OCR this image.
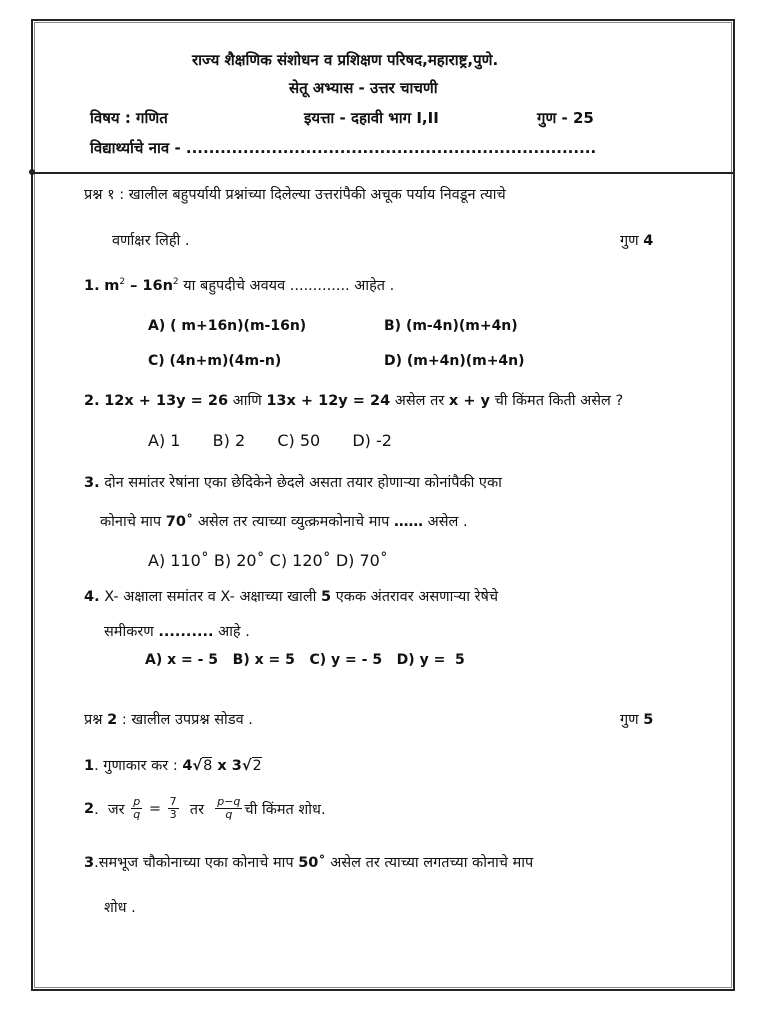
राज्य शैक्षणिक संशोधन व प्रशिक्षण परिषद,महाराष्ट्र,पुणे.
सेतू अभ्यास - उत्तर चाचणी
विषय : गणित	इयत्ता - दहावी भाग I,II	गुण - 25
विद्यार्थ्याचे नाव - ........................................................................
प्रश्न १ : खालील बहुपर्यायी प्रश्नांच्या दिलेल्या उत्तरांपैकी अचूक पर्याय निवडून त्याचे
वर्णाक्षर लिही .	गुण 4
1. $m^2 - 16n^2$ या बहुपदीचे अवयव ............. आहेत .
A) ( m+16n)(m-16n)	B) (m-4n)(m+4n)
C) (4n+m)(4m-n)	D) (m+4n)(m+4n)
2. 12x + 13y = 26 आणि 13x + 12y = 24 असेल तर x + y ची किंमत किती असेल ?
A) 1 B) 2 C) 50 D) -2
3. दोन समांतर रेषांना एका छेदिकेने छेदले असता तयार होणाऱ्या कोनांपैकी एका
कोनाचे माप 70˚ असेल तर त्याच्या व्युत्क्रमकोनाचे माप …… असेल .
A) 110˚ B) 20˚ C) 120˚ D) 70˚
4. X- अक्षाला समांतर व X- अक्षाच्या खाली 5 एकक अंतरावर असणाऱ्या रेषेचे
समीकरण .......... आहे .
A) x = - 5   B) x = 5   C) y = - 5   D) y =  5
प्रश्न 2 : खालील उपप्रश्न सोडव .	गुण 5
1. गुणाकार कर : 4√8 x 3√2
2 .  जर $\frac{p}{q} = \frac{7}{3}$ तर $\frac{p-q}{q}$ ची किंमत शोध.
3.समभूज चौकोनाच्या एका कोनाचे माप 50˚ असेल तर त्याच्या लगतच्या कोनाचे माप
शोध .
